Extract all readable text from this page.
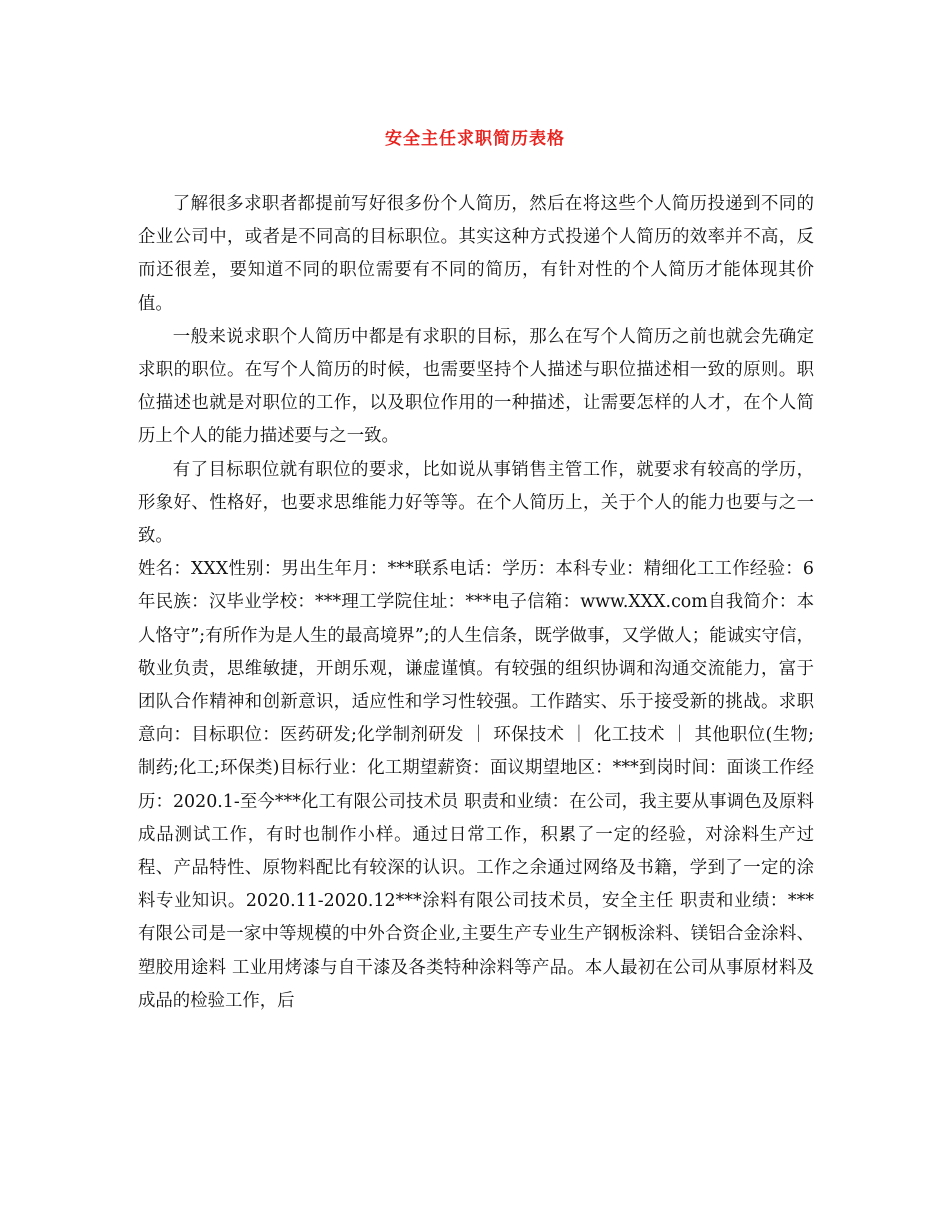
安全主任求职简历表格

了解很多求职者都提前写好很多份个人简历，然后在将这些个人简历投递到不同的企业公司中，或者是不同高的目标职位。其实这种方式投递个人简历的效率并不高，反而还很差，要知道不同的职位需要有不同的简历，有针对性的个人简历才能体现其价值。

一般来说求职个人简历中都是有求职的目标，那么在写个人简历之前也就会先确定求职的职位。在写个人简历的时候，也需要坚持个人描述与职位描述相一致的原则。职位描述也就是对职位的工作，以及职位作用的一种描述，让需要怎样的人才，在个人简历上个人的能力描述要与之一致。

有了目标职位就有职位的要求，比如说从事销售主管工作，就要求有较高的学历，形象好、性格好，也要求思维能力好等等。在个人简历上，关于个人的能力也要与之一致。

姓名：XXX性别：男出生年月：***联系电话：学历：本科专业：精细化工工作经验：6年民族：汉毕业学校：***理工学院住址：***电子信箱：www.XXX.com自我简介：本人恪守”;有所作为是人生的最高境界”;的人生信条，既学做事，又学做人；能诚实守信，敬业负责，思维敏捷，开朗乐观，谦虚谨慎。有较强的组织协调和沟通交流能力，富于团队合作精神和创新意识，适应性和学习性较强。工作踏实、乐于接受新的挑战。求职意向：目标职位：医药研发;化学制剂研发 ｜ 环保技术 ｜ 化工技术 ｜ 其他职位(生物;制药;化工;环保类)目标行业：化工期望薪资：面议期望地区：***到岗时间：面谈工作经历：2020.1-至今***化工有限公司技术员 职责和业绩：在公司，我主要从事调色及原料成品测试工作，有时也制作小样。通过日常工作，积累了一定的经验，对涂料生产过程、产品特性、原物料配比有较深的认识。工作之余通过网络及书籍，学到了一定的涂料专业知识。2020.11-2020.12***涂料有限公司技术员，安全主任 职责和业绩：***有限公司是一家中等规模的中外合资企业,主要生产专业生产钢板涂料、镁铝合金涂料、塑胶用途料 工业用烤漆与自干漆及各类特种涂料等产品。本人最初在公司从事原材料及成品的检验工作，后
